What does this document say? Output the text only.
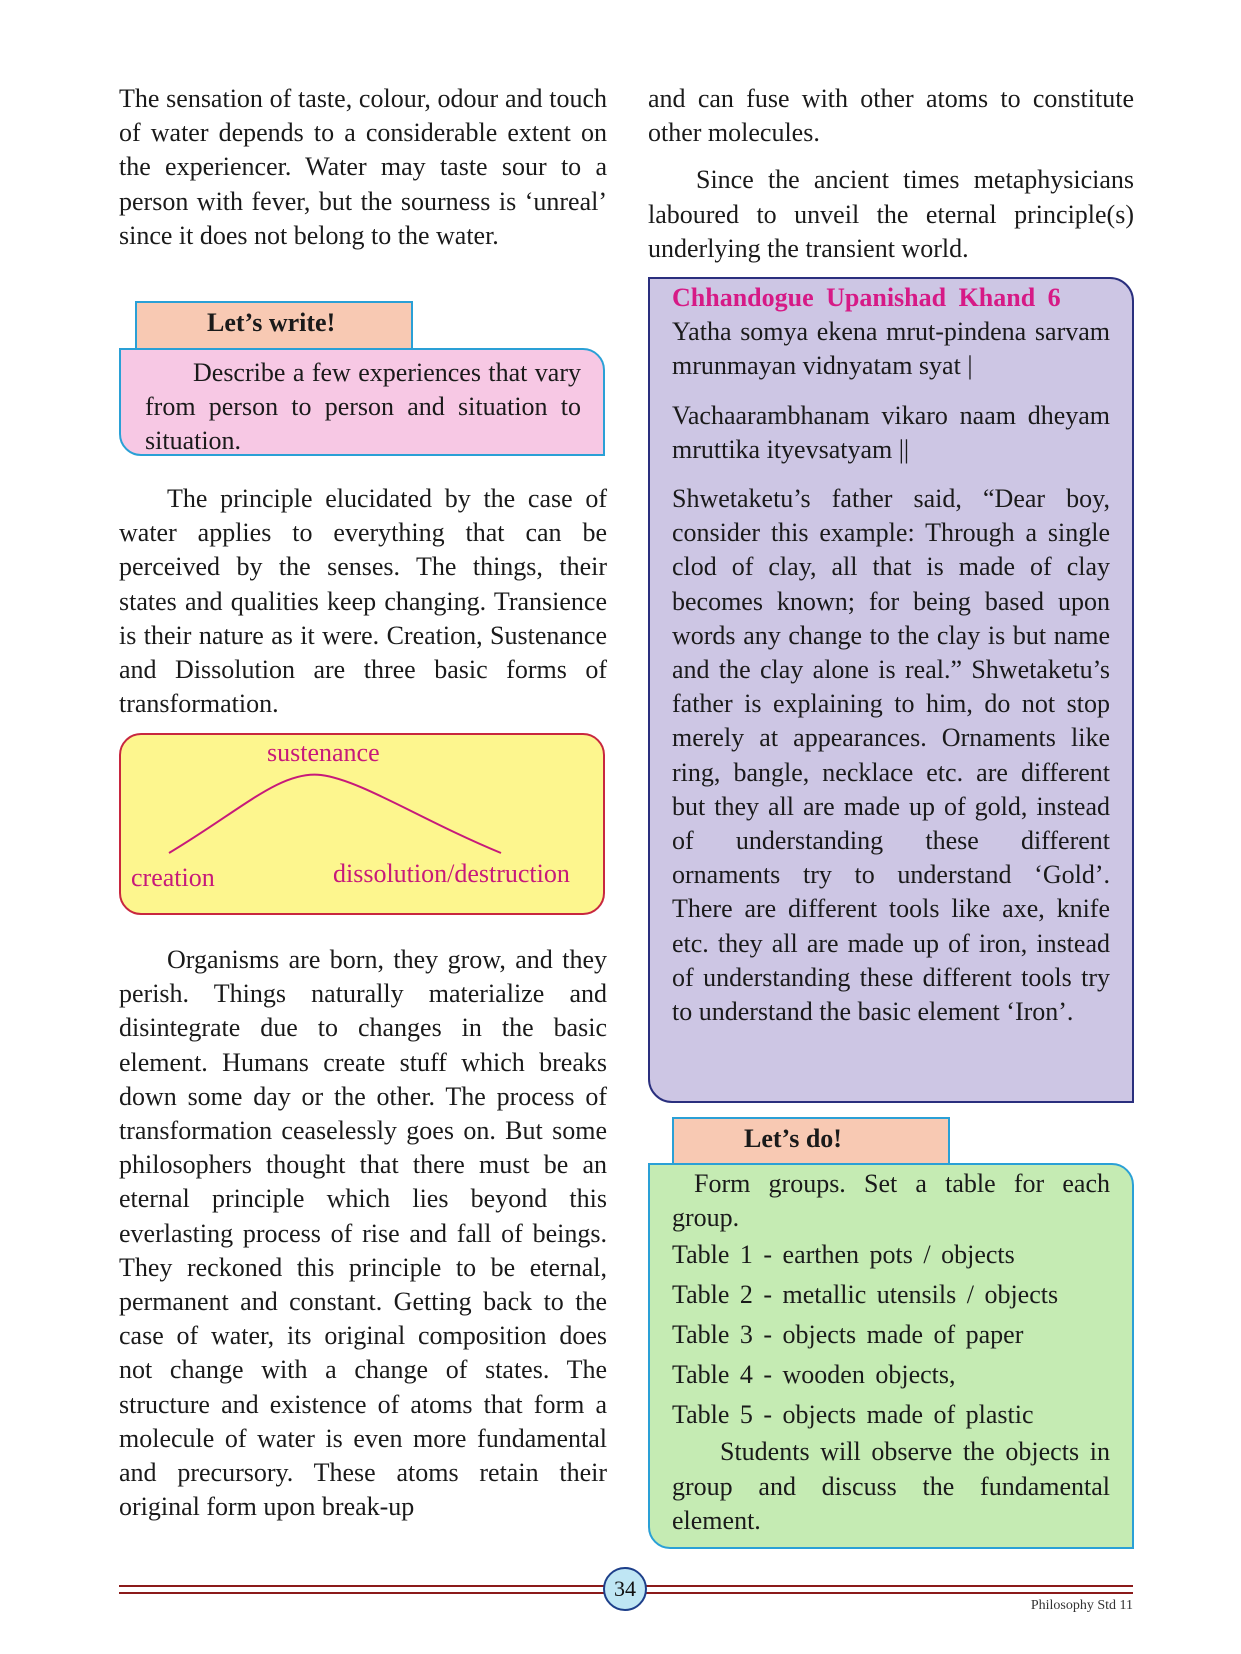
The sensation of taste, colour, odour and touch of water depends to a considerable extent on the experiencer. Water may taste sour to a person with fever, but the sourness is ‘unreal’ since it does not belong to the water.

Let’s write!

Describe a few experiences that vary from person to person and situation to situation.

The principle elucidated by the case of water applies to everything that can be perceived by the senses. The things, their states and qualities keep changing. Transience is their nature as it were. Creation, Sustenance and Dissolution are three basic forms of transformation.

sustenance
creation	dissolution/destruction

Organisms are born, they grow, and they perish. Things naturally materialize and disintegrate due to changes in the basic element. Humans create stuff which breaks down some day or the other. The process of transformation ceaselessly goes on. But some philosophers thought that there must be an eternal principle which lies beyond this everlasting process of rise and fall of beings. They reckoned this principle to be eternal, permanent and constant. Getting back to the case of water, its original composition does not change with a change of states. The structure and existence of atoms that form a molecule of water is even more fundamental and precursory. These atoms retain their original form upon break-up

and can fuse with other atoms to constitute other molecules.

Since the ancient times metaphysicians laboured to unveil the eternal principle(s) underlying the transient world.

Chhandogue Upanishad Khand 6

Yatha somya ekena mrut-pindena sarvam mrunmayan vidnyatam syat |

Vachaarambhanam vikaro naam dheyam mruttika ityevsatyam ||

Shwetaketu’s father said, “Dear boy, consider this example: Through a single clod of clay, all that is made of clay becomes known; for being based upon words any change to the clay is but name and the clay alone is real.” Shwetaketu’s father is explaining to him, do not stop merely at appearances. Ornaments like ring, bangle, necklace etc. are different but they all are made up of gold, instead of understanding these different ornaments try to understand ‘Gold’. There are different tools like axe, knife etc. they all are made up of iron, instead of understanding these different tools try to understand the basic element ‘Iron’.

Let’s do!

Form groups. Set a table for each group.

Table 1 - earthen pots / objects
Table 2 - metallic utensils / objects
Table 3 - objects made of paper
Table 4 - wooden objects,
Table 5 - objects made of plastic

Students will observe the objects in group and discuss the fundamental element.

34
Philosophy Std 11
